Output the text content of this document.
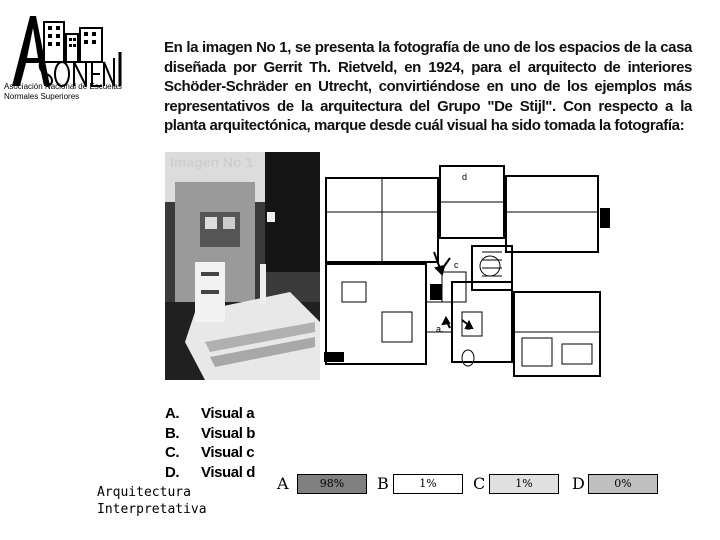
Asociación Nacional de Escuelas
Normales Superiores
En la imagen No 1, se presenta la fotografía de uno de los espacios de la casa diseñada por Gerrit Th. Rietveld, en 1924, para el arquitecto de interiores Schöder-Schräder en Utrecht, convirtiéndose en uno de los ejemplos más representativos de la arquitectura del Grupo "De Stijl". Con respecto a la planta arquitectónica, marque desde cuál visual ha sido tomada la fotografía:
Imagen No 1
d
a. b
c
A.	Visual a
B.	Visual b
C.	Visual c
D.	Visual d
Arquitectura
Interpretativa
A	98%	B	1%	C	1%	D	0%
